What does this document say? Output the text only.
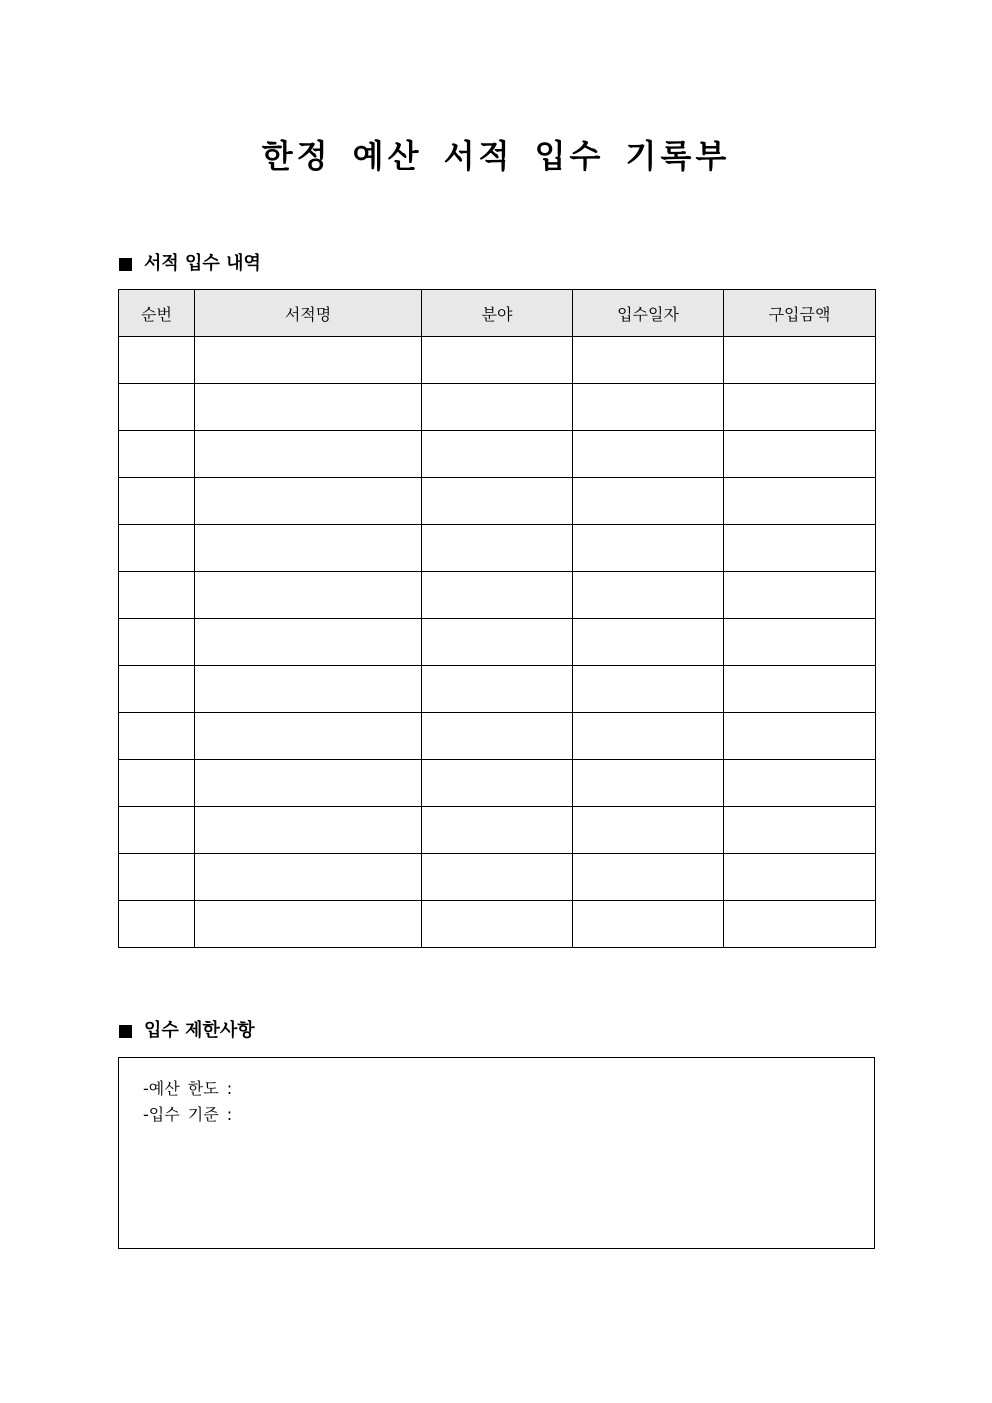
한정 예산 서적 입수 기록부
서적 입수 내역
순번	서적명	분야	입수일자	구입금액

입수 제한사항
-예산 한도 :
-입수 기준 :
